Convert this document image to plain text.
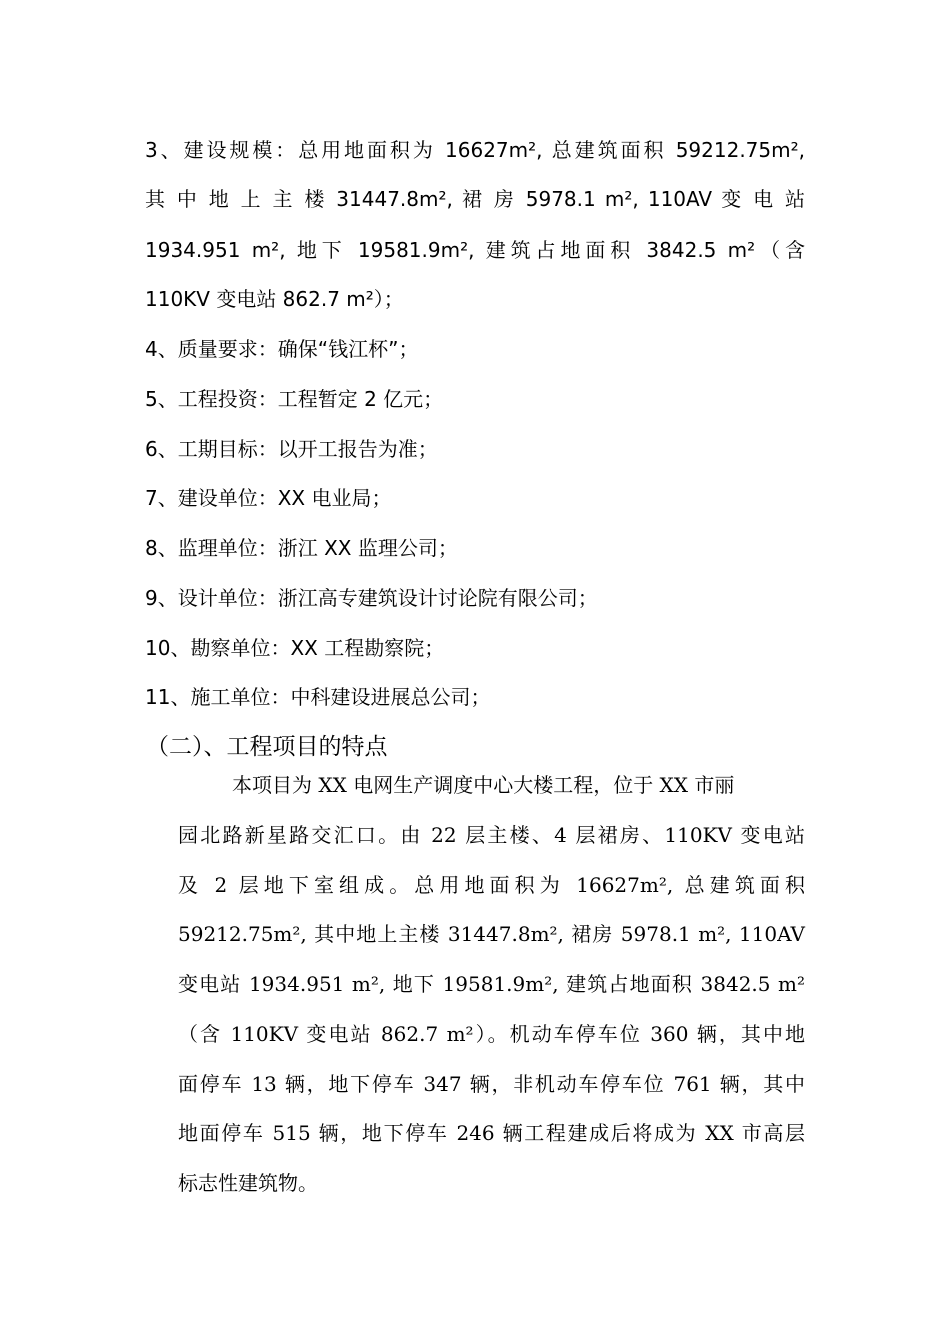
3、建设规模：总用地面积为 16627m², 总建筑面积 59212.75m²,
其 中 地 上 主 楼 31447.8m², 裙 房 5978.1 m², 110AV 变 电 站
1934.951 m², 地下 19581.9m², 建筑占地面积 3842.5 m²（含
110KV 变电站 862.7 m²）；
4、质量要求：确保“钱江杯”；
5、工程投资：工程暂定 2 亿元；
6、工期目标：以开工报告为准；
7、建设单位：XX 电业局；
8、监理单位：浙江 XX 监理公司；
9、设计单位：浙江高专建筑设计讨论院有限公司；
10、勘察单位：XX 工程勘察院；
11、施工单位：中科建设进展总公司；
（二）、工程项目的特点
本项目为 XX 电网生产调度中心大楼工程，位于 XX 市丽
园北路新星路交汇口。由 22 层主楼、4 层裙房、110KV 变电站
及 2 层地下室组成。总用地面积为 16627m², 总建筑面积
59212.75m², 其中地上主楼 31447.8m², 裙房 5978.1 m², 110AV
变电站 1934.951 m², 地下 19581.9m², 建筑占地面积 3842.5 m²
（含 110KV 变电站 862.7 m²）。机动车停车位 360 辆，其中地
面停车 13 辆，地下停车 347 辆，非机动车停车位 761 辆，其中
地面停车 515 辆，地下停车 246 辆工程建成后将成为 XX 市高层
标志性建筑物。
